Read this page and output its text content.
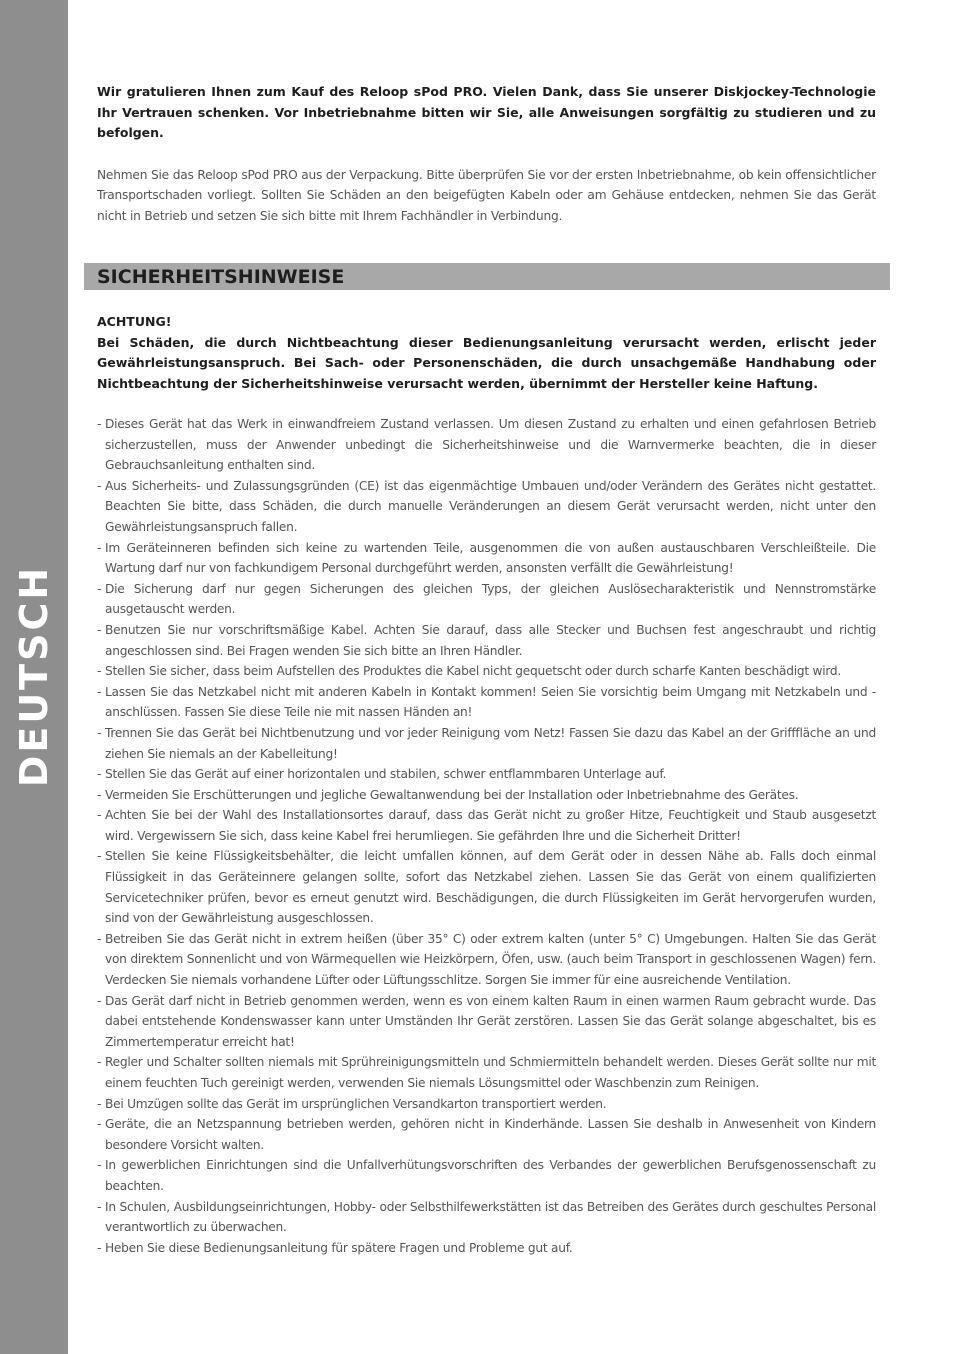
DEUTSCH

Wir gratulieren Ihnen zum Kauf des Reloop sPod PRO. Vielen Dank, dass Sie unserer Diskjockey-Technologie Ihr Vertrauen schenken. Vor Inbetriebnahme bitten wir Sie, alle Anweisungen sorgfältig zu studieren und zu befolgen.

Nehmen Sie das Reloop sPod PRO aus der Verpackung. Bitte überprüfen Sie vor der ersten Inbetriebnahme, ob kein offensichtlicher Transportschaden vorliegt. Sollten Sie Schäden an den beigefügten Kabeln oder am Gehäuse entdecken, nehmen Sie das Gerät nicht in Betrieb und setzen Sie sich bitte mit Ihrem Fachhändler in Verbindung.

SICHERHEITSHINWEISE
ACHTUNG!

Bei Schäden, die durch Nichtbeachtung dieser Bedienungsanleitung verursacht werden, erlischt jeder Gewährleistungsanspruch. Bei Sach- oder Personenschäden, die durch unsachgemäße Handhabung oder Nichtbeachtung der Sicherheitshinweise verursacht werden, übernimmt der Hersteller keine Haftung.

- Dieses Gerät hat das Werk in einwandfreiem Zustand verlassen. Um diesen Zustand zu erhalten und einen gefahrlosen Betrieb sicherzustellen, muss der Anwender unbedingt die Sicherheitshinweise und die Warnvermerke beachten, die in dieser Gebrauchsanleitung enthalten sind.
- Aus Sicherheits- und Zulassungsgründen (CE) ist das eigenmächtige Umbauen und/oder Verändern des Gerätes nicht gestattet. Beachten Sie bitte, dass Schäden, die durch manuelle Veränderungen an diesem Gerät verursacht werden, nicht unter den Gewährleistungsanspruch fallen.
- Im Geräteinneren befinden sich keine zu wartenden Teile, ausgenommen die von außen austauschbaren Verschleißteile. Die Wartung darf nur von fachkundigem Personal durchgeführt werden, ansonsten verfällt die Gewährleistung!
- Die Sicherung darf nur gegen Sicherungen des gleichen Typs, der gleichen Auslösecharakteristik und Nennstromstärke ausgetauscht werden.
- Benutzen Sie nur vorschriftsmäßige Kabel. Achten Sie darauf, dass alle Stecker und Buchsen fest angeschraubt und richtig angeschlossen sind. Bei Fragen wenden Sie sich bitte an Ihren Händler.
- Stellen Sie sicher, dass beim Aufstellen des Produktes die Kabel nicht gequetscht oder durch scharfe Kanten beschädigt wird.
- Lassen Sie das Netzkabel nicht mit anderen Kabeln in Kontakt kommen! Seien Sie vorsichtig beim Umgang mit Netzkabeln und -anschlüssen. Fassen Sie diese Teile nie mit nassen Händen an!
- Trennen Sie das Gerät bei Nichtbenutzung und vor jeder Reinigung vom Netz! Fassen Sie dazu das Kabel an der Grifffläche an und ziehen Sie niemals an der Kabelleitung!
- Stellen Sie das Gerät auf einer horizontalen und stabilen, schwer entflammbaren Unterlage auf.
- Vermeiden Sie Erschütterungen und jegliche Gewaltanwendung bei der Installation oder Inbetriebnahme des Gerätes.
- Achten Sie bei der Wahl des Installationsortes darauf, dass das Gerät nicht zu großer Hitze, Feuchtigkeit und Staub ausgesetzt wird. Vergewissern Sie sich, dass keine Kabel frei herumliegen. Sie gefährden Ihre und die Sicherheit Dritter!
- Stellen Sie keine Flüssigkeitsbehälter, die leicht umfallen können, auf dem Gerät oder in dessen Nähe ab. Falls doch einmal Flüssigkeit in das Geräteinnere gelangen sollte, sofort das Netzkabel ziehen. Lassen Sie das Gerät von einem qualifizierten Servicetechniker prüfen, bevor es erneut genutzt wird. Beschädigungen, die durch Flüssigkeiten im Gerät hervorgerufen wurden, sind von der Gewährleistung ausgeschlossen.
- Betreiben Sie das Gerät nicht in extrem heißen (über 35° C) oder extrem kalten (unter 5° C) Umgebungen. Halten Sie das Gerät von direktem Sonnenlicht und von Wärmequellen wie Heizkörpern, Öfen, usw. (auch beim Transport in geschlossenen Wagen) fern. Verdecken Sie niemals vorhandene Lüfter oder Lüftungsschlitze. Sorgen Sie immer für eine ausreichende Ventilation.
- Das Gerät darf nicht in Betrieb genommen werden, wenn es von einem kalten Raum in einen warmen Raum gebracht wurde. Das dabei entstehende Kondenswasser kann unter Umständen Ihr Gerät zerstören. Lassen Sie das Gerät solange abgeschaltet, bis es Zimmertemperatur erreicht hat!
- Regler und Schalter sollten niemals mit Sprühreinigungsmitteln und Schmiermitteln behandelt werden. Dieses Gerät sollte nur mit einem feuchten Tuch gereinigt werden, verwenden Sie niemals Lösungsmittel oder Waschbenzin zum Reinigen.
- Bei Umzügen sollte das Gerät im ursprünglichen Versandkarton transportiert werden.
- Geräte, die an Netzspannung betrieben werden, gehören nicht in Kinderhände. Lassen Sie deshalb in Anwesenheit von Kindern besondere Vorsicht walten.
- In gewerblichen Einrichtungen sind die Unfallverhütungsvorschriften des Verbandes der gewerblichen Berufsgenossenschaft zu beachten.
- In Schulen, Ausbildungseinrichtungen, Hobby- oder Selbsthilfewerkstätten ist das Betreiben des Gerätes durch geschultes Personal verantwortlich zu überwachen.
- Heben Sie diese Bedienungsanleitung für spätere Fragen und Probleme gut auf.
